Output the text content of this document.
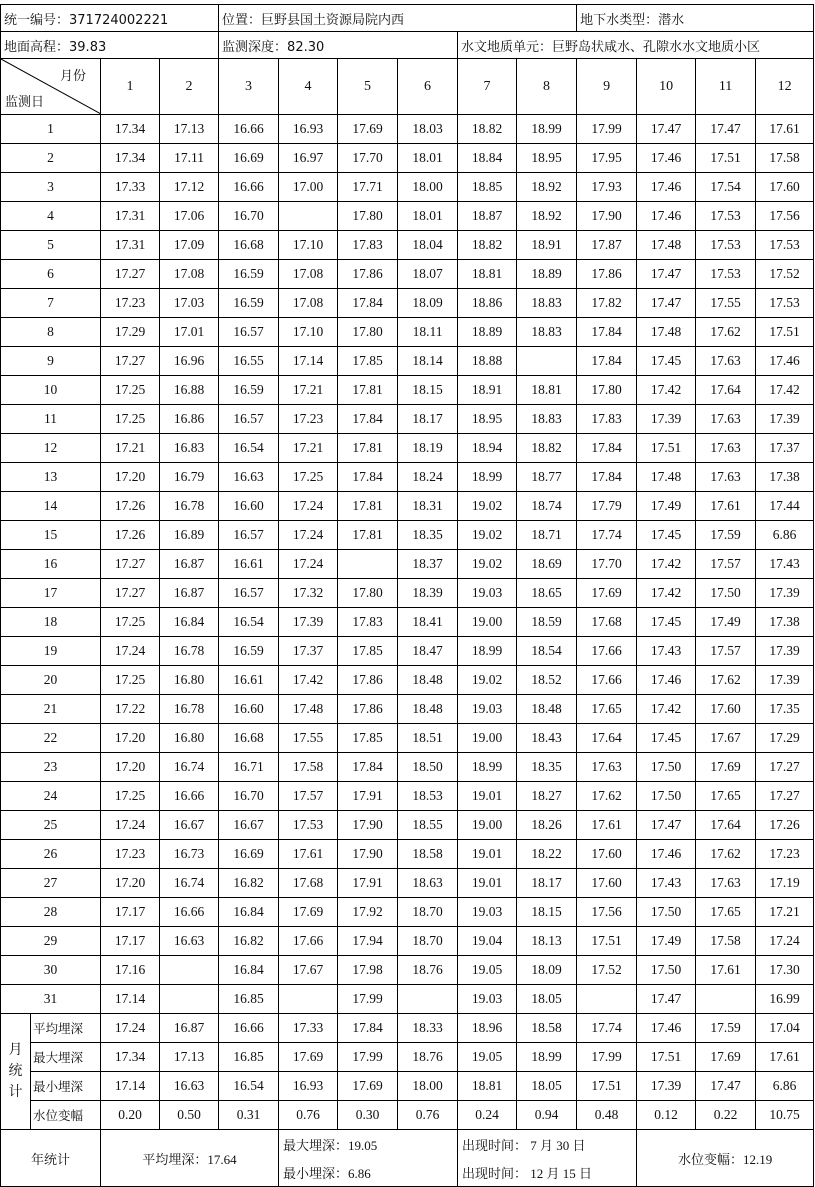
统一编号：371724002221				位置：巨野县国土资源局院内西						地下水类型：潜水			
地面高程：39.83				监测深度：82.30				水文地质单元：巨野岛状咸水、孔隙水水文地质小区					

月份
监测日		1	2	3	4	5	6	7	8	9	10	11	12
1		17.34	17.13	16.66	16.93	17.69	18.03	18.82	18.99	17.99	17.47	17.47	17.61
2		17.34	17.11	16.69	16.97	17.70	18.01	18.84	18.95	17.95	17.46	17.51	17.58
3		17.33	17.12	16.66	17.00	17.71	18.00	18.85	18.92	17.93	17.46	17.54	17.60
4		17.31	17.06	16.70		17.80	18.01	18.87	18.92	17.90	17.46	17.53	17.56
5		17.31	17.09	16.68	17.10	17.83	18.04	18.82	18.91	17.87	17.48	17.53	17.53
6		17.27	17.08	16.59	17.08	17.86	18.07	18.81	18.89	17.86	17.47	17.53	17.52
7		17.23	17.03	16.59	17.08	17.84	18.09	18.86	18.83	17.82	17.47	17.55	17.53
8		17.29	17.01	16.57	17.10	17.80	18.11	18.89	18.83	17.84	17.48	17.62	17.51
9		17.27	16.96	16.55	17.14	17.85	18.14	18.88		17.84	17.45	17.63	17.46
10		17.25	16.88	16.59	17.21	17.81	18.15	18.91	18.81	17.80	17.42	17.64	17.42
11		17.25	16.86	16.57	17.23	17.84	18.17	18.95	18.83	17.83	17.39	17.63	17.39
12		17.21	16.83	16.54	17.21	17.81	18.19	18.94	18.82	17.84	17.51	17.63	17.37
13		17.20	16.79	16.63	17.25	17.84	18.24	18.99	18.77	17.84	17.48	17.63	17.38
14		17.26	16.78	16.60	17.24	17.81	18.31	19.02	18.74	17.79	17.49	17.61	17.44
15		17.26	16.89	16.57	17.24	17.81	18.35	19.02	18.71	17.74	17.45	17.59	6.86
16		17.27	16.87	16.61	17.24		18.37	19.02	18.69	17.70	17.42	17.57	17.43
17		17.27	16.87	16.57	17.32	17.80	18.39	19.03	18.65	17.69	17.42	17.50	17.39
18		17.25	16.84	16.54	17.39	17.83	18.41	19.00	18.59	17.68	17.45	17.49	17.38
19		17.24	16.78	16.59	17.37	17.85	18.47	18.99	18.54	17.66	17.43	17.57	17.39
20		17.25	16.80	16.61	17.42	17.86	18.48	19.02	18.52	17.66	17.46	17.62	17.39
21		17.22	16.78	16.60	17.48	17.86	18.48	19.03	18.48	17.65	17.42	17.60	17.35
22		17.20	16.80	16.68	17.55	17.85	18.51	19.00	18.43	17.64	17.45	17.67	17.29
23		17.20	16.74	16.71	17.58	17.84	18.50	18.99	18.35	17.63	17.50	17.69	17.27
24		17.25	16.66	16.70	17.57	17.91	18.53	19.01	18.27	17.62	17.50	17.65	17.27
25		17.24	16.67	16.67	17.53	17.90	18.55	19.00	18.26	17.61	17.47	17.64	17.26
26		17.23	16.73	16.69	17.61	17.90	18.58	19.01	18.22	17.60	17.46	17.62	17.23
27		17.20	16.74	16.82	17.68	17.91	18.63	19.01	18.17	17.60	17.43	17.63	17.19
28		17.17	16.66	16.84	17.69	17.92	18.70	19.03	18.15	17.56	17.50	17.65	17.21
29		17.17	16.63	16.82	17.66	17.94	18.70	19.04	18.13	17.51	17.49	17.58	17.24
30		17.16		16.84	17.67	17.98	18.76	19.05	18.09	17.52	17.50	17.61	17.30
31		17.14		16.85		17.99		19.03	18.05		17.47		16.99

月
统
计	平均埋深	17.24	16.87	16.66	17.33	17.84	18.33	18.96	18.58	17.74	17.46	17.59	17.04
	最大埋深	17.34	17.13	16.85	17.69	17.99	18.76	19.05	18.99	17.99	17.51	17.69	17.61
	最小埋深	17.14	16.63	16.54	16.93	17.69	18.00	18.81	18.05	17.51	17.39	17.47	6.86
	水位变幅	0.20	0.50	0.31	0.76	0.30	0.76	0.24	0.94	0.48	0.12	0.22	10.75
年统计		平均埋深：17.64			最大埋深：19.05			出现时间： 7 月 30 日			水位变幅：12.19		
					最小埋深：6.86			出现时间： 12 月 15 日					
